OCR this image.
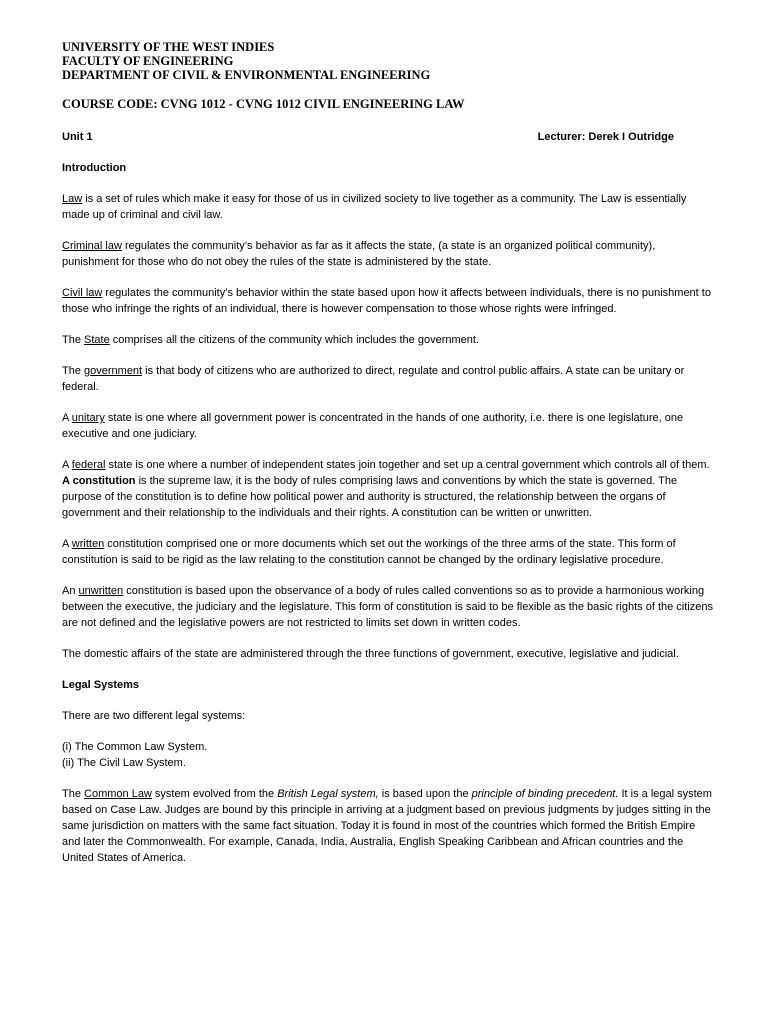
UNIVERSITY OF THE WEST INDIES
FACULTY OF ENGINEERING
DEPARTMENT OF CIVIL & ENVIRONMENTAL ENGINEERING
COURSE CODE: CVNG 1012 - CVNG 1012 CIVIL ENGINEERING LAW
Unit 1	Lecturer: Derek I Outridge
Introduction

Law is a set of rules which make it easy for those of us in civilized society to live together as a community. The Law is essentially made up of criminal and civil law.

Criminal law regulates the community’s behavior as far as it affects the state, (a state is an organized political community), punishment for those who do not obey the rules of the state is administered by the state.

Civil law regulates the community’s behavior within the state based upon how it affects between individuals, there is no punishment to those who infringe the rights of an individual, there is however compensation to those whose rights were infringed.

The State comprises all the citizens of the community which includes the government.

The government is that body of citizens who are authorized to direct, regulate and control public affairs. A state can be unitary or federal.

A unitary state is one where all government power is concentrated in the hands of one authority, i.e. there is one legislature, one executive and one judiciary.

A federal state is one where a number of independent states join together and set up a central government which controls all of them.

A constitution is the supreme law, it is the body of rules comprising laws and conventions by which the state is governed. The purpose of the constitution is to define how political power and authority is structured, the relationship between the organs of government and their relationship to the individuals and their rights. A constitution can be written or unwritten.

A written constitution comprised one or more documents which set out the workings of the three arms of the state. This form of constitution is said to be rigid as the law relating to the constitution cannot be changed by the ordinary legislative procedure.

An unwritten constitution is based upon the observance of a body of rules called conventions so as to provide a harmonious working between the executive, the judiciary and the legislature. This form of constitution is said to be flexible as the basic rights of the citizens are not defined and the legislative powers are not restricted to limits set down in written codes.

The domestic affairs of the state are administered through the three functions of government, executive, legislative and judicial.

Legal Systems

There are two different legal systems:

(i) The Common Law System.
(ii) The Civil Law System.

The Common Law system evolved from the British Legal system, is based upon the principle of binding precedent. It is a legal system based on Case Law. Judges are bound by this principle in arriving at a judgment based on previous judgments by judges sitting in the same jurisdiction on matters with the same fact situation. Today it is found in most of the countries which formed the British Empire and later the Commonwealth. For example, Canada, India, Australia, English Speaking Caribbean and African countries and the United States of America.
